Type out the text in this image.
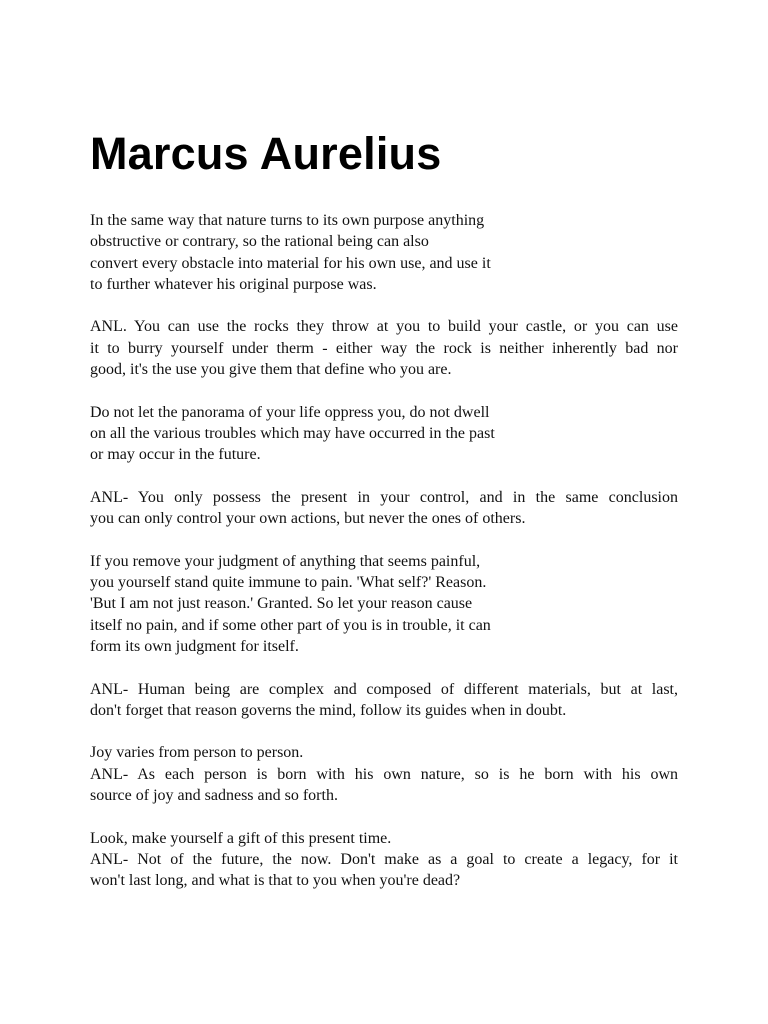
Marcus Aurelius

In the same way that nature turns to its own purpose anything
obstructive or contrary, so the rational being can also
convert every obstacle into material for his own use, and use it
to further whatever his original purpose was.

ANL. You can use the rocks they throw at you to build your castle, or you can use
it to burry yourself under therm - either way the rock is neither inherently bad nor
good, it's the use you give them that define who you are.

Do not let the panorama of your life oppress you, do not dwell
on all the various troubles which may have occurred in the past
or may occur in the future.

ANL- You only possess the present in your control, and in the same conclusion
you can only control your own actions, but never the ones of others.

If you remove your judgment of anything that seems painful,
you yourself stand quite immune to pain. 'What self?' Reason.
'But I am not just reason.' Granted. So let your reason cause
itself no pain, and if some other part of you is in trouble, it can
form its own judgment for itself.

ANL- Human being are complex and composed of different materials, but at last,
don't forget that reason governs the mind, follow its guides when in doubt.

Joy varies from person to person.
ANL- As each person is born with his own nature, so is he born with his own
source of joy and sadness and so forth.

Look, make yourself a gift of this present time.
ANL- Not of the future, the now. Don't make as a goal to create a legacy, for it
won't last long, and what is that to you when you're dead?
